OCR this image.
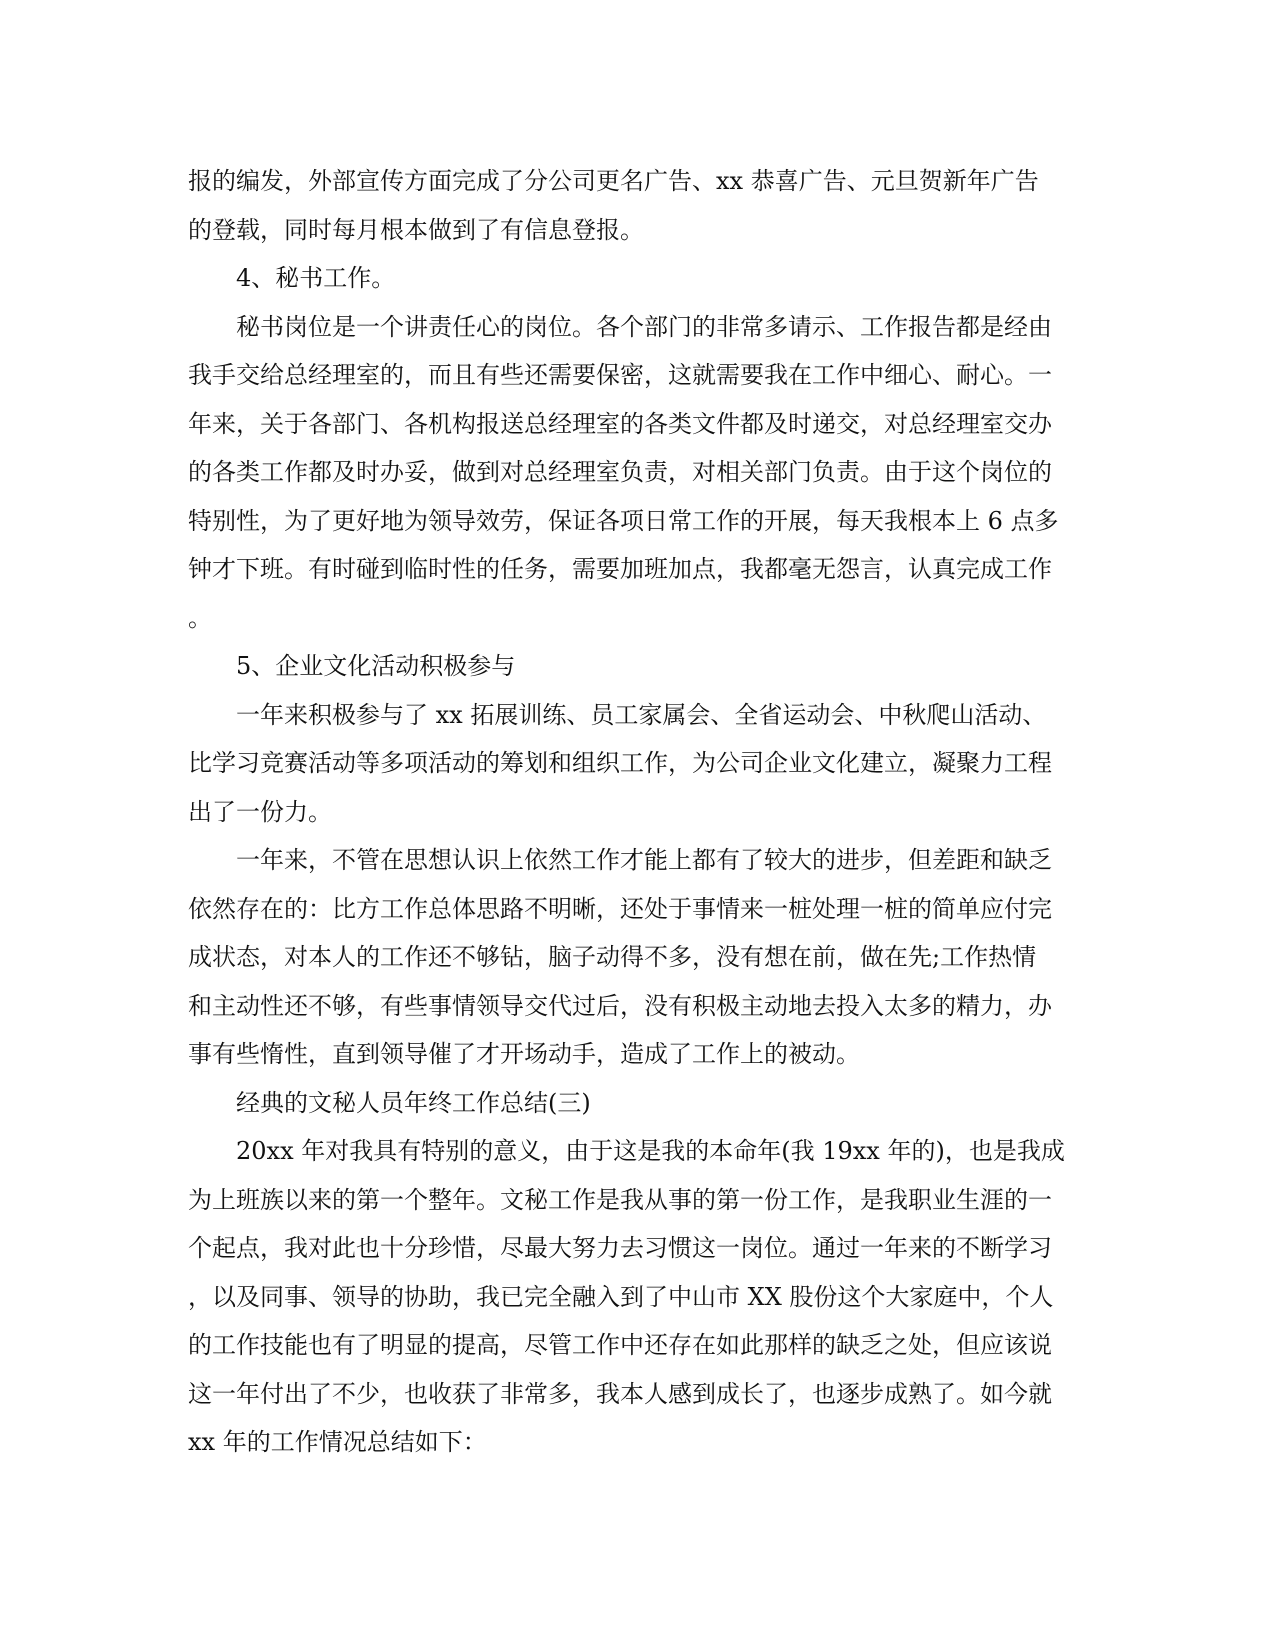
报的编发，外部宣传方面完成了分公司更名广告、xx 恭喜广告、元旦贺新年广告
的登载，同时每月根本做到了有信息登报。
4、秘书工作。
秘书岗位是一个讲责任心的岗位。各个部门的非常多请示、工作报告都是经由
我手交给总经理室的，而且有些还需要保密，这就需要我在工作中细心、耐心。一
年来，关于各部门、各机构报送总经理室的各类文件都及时递交，对总经理室交办
的各类工作都及时办妥，做到对总经理室负责，对相关部门负责。由于这个岗位的
特别性，为了更好地为领导效劳，保证各项日常工作的开展，每天我根本上 6 点多
钟才下班。有时碰到临时性的任务，需要加班加点，我都毫无怨言，认真完成工作
。
5、企业文化活动积极参与
一年来积极参与了 xx 拓展训练、员工家属会、全省运动会、中秋爬山活动、
比学习竞赛活动等多项活动的筹划和组织工作，为公司企业文化建立，凝聚力工程
出了一份力。
一年来，不管在思想认识上依然工作才能上都有了较大的进步，但差距和缺乏
依然存在的：比方工作总体思路不明晰，还处于事情来一桩处理一桩的简单应付完
成状态，对本人的工作还不够钻，脑子动得不多，没有想在前，做在先;工作热情
和主动性还不够，有些事情领导交代过后，没有积极主动地去投入太多的精力，办
事有些惰性，直到领导催了才开场动手，造成了工作上的被动。
经典的文秘人员年终工作总结(三)
20xx 年对我具有特别的意义，由于这是我的本命年(我 19xx 年的)，也是我成
为上班族以来的第一个整年。文秘工作是我从事的第一份工作，是我职业生涯的一
个起点，我对此也十分珍惜，尽最大努力去习惯这一岗位。通过一年来的不断学习
，以及同事、领导的协助，我已完全融入到了中山市 XX 股份这个大家庭中，个人
的工作技能也有了明显的提高，尽管工作中还存在如此那样的缺乏之处，但应该说
这一年付出了不少，也收获了非常多，我本人感到成长了，也逐步成熟了。如今就
xx 年的工作情况总结如下：
